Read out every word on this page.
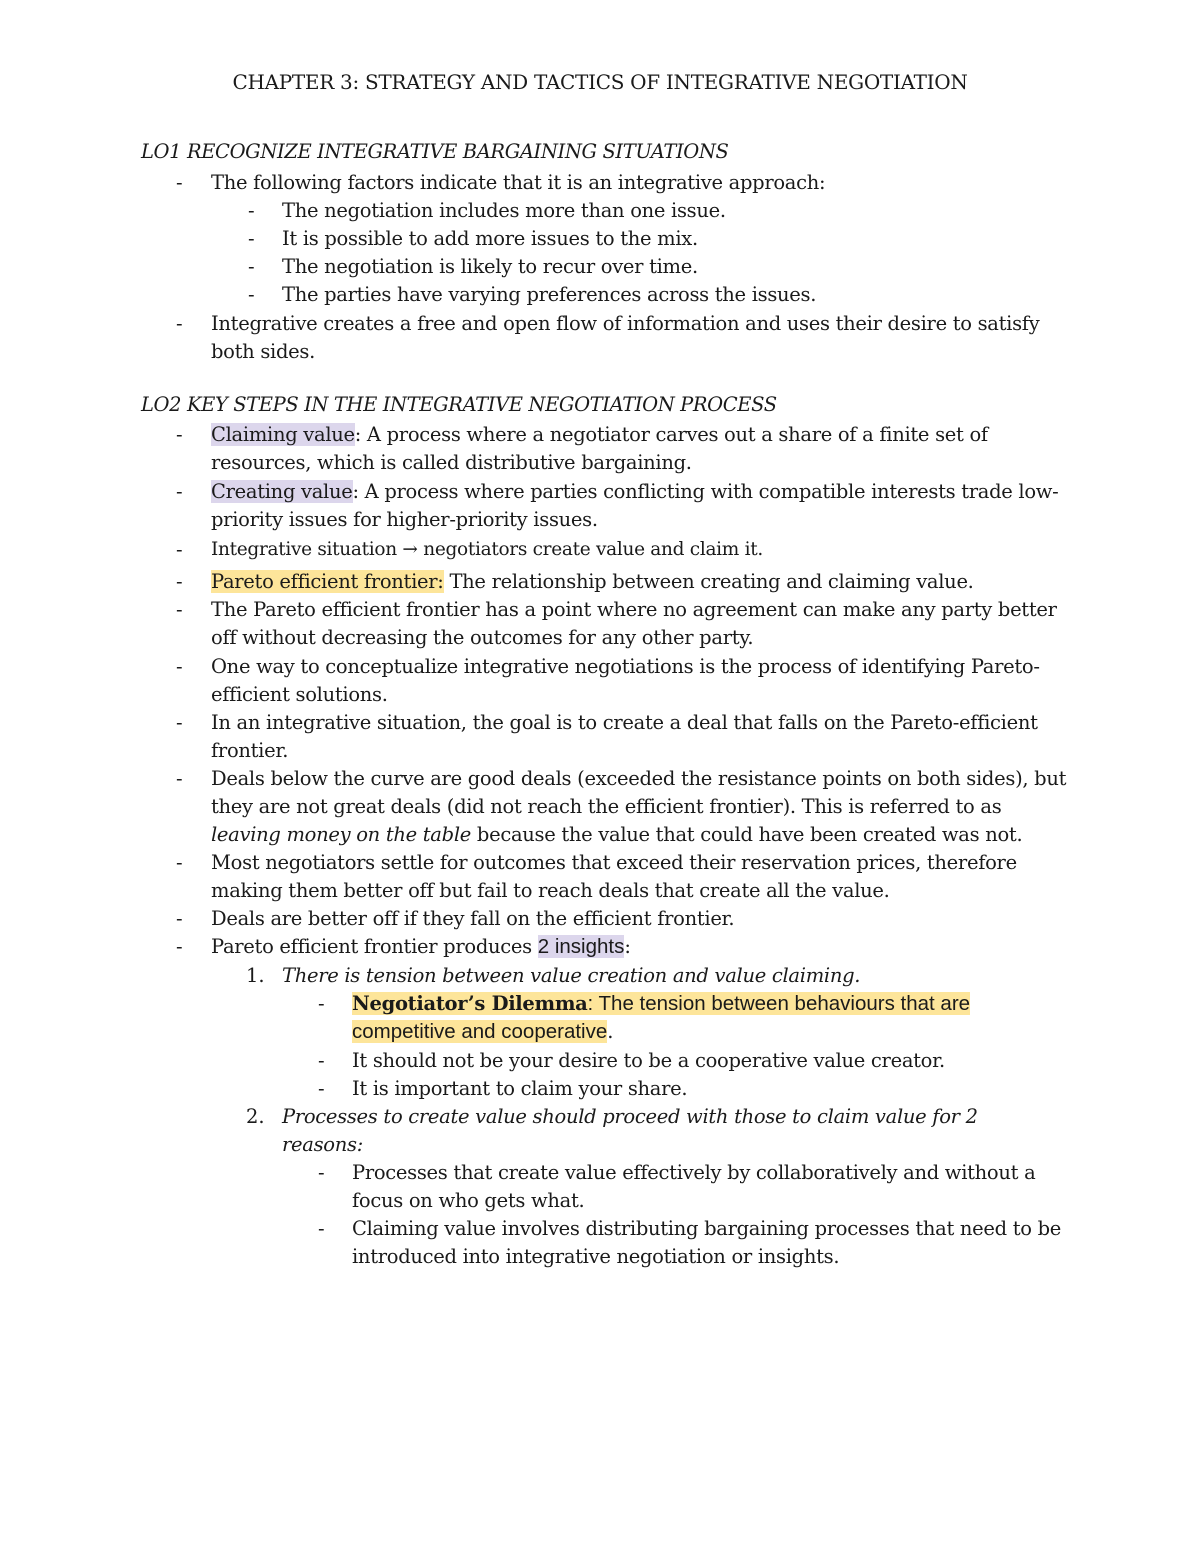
CHAPTER 3: STRATEGY AND TACTICS OF INTEGRATIVE NEGOTIATION
LO1 RECOGNIZE INTEGRATIVE BARGAINING SITUATIONS
- The following factors indicate that it is an integrative approach:
- The negotiation includes more than one issue.
- It is possible to add more issues to the mix.
- The negotiation is likely to recur over time.
- The parties have varying preferences across the issues.
- Integrative creates a free and open flow of information and uses their desire to satisfy
both sides.
LO2 KEY STEPS IN THE INTEGRATIVE NEGOTIATION PROCESS
- Claiming value: A process where a negotiator carves out a share of a finite set of
resources, which is called distributive bargaining.
- Creating value: A process where parties conflicting with compatible interests trade low-
priority issues for higher-priority issues.
- Integrative situation → negotiators create value and claim it.
- Pareto efficient frontier: The relationship between creating and claiming value.
- The Pareto efficient frontier has a point where no agreement can make any party better
off without decreasing the outcomes for any other party.
- One way to conceptualize integrative negotiations is the process of identifying Pareto-
efficient solutions.
- In an integrative situation, the goal is to create a deal that falls on the Pareto-efficient
frontier.
- Deals below the curve are good deals (exceeded the resistance points on both sides), but
they are not great deals (did not reach the efficient frontier). This is referred to as
leaving money on the table because the value that could have been created was not.
- Most negotiators settle for outcomes that exceed their reservation prices, therefore
making them better off but fail to reach deals that create all the value.
- Deals are better off if they fall on the efficient frontier.
- Pareto efficient frontier produces 2 insights:
1. There is tension between value creation and value claiming.
- Negotiator’s Dilemma: The tension between behaviours that are
competitive and cooperative.
- It should not be your desire to be a cooperative value creator.
- It is important to claim your share.
2. Processes to create value should proceed with those to claim value for 2
reasons:
- Processes that create value effectively by collaboratively and without a
focus on who gets what.
- Claiming value involves distributing bargaining processes that need to be
introduced into integrative negotiation or insights.
